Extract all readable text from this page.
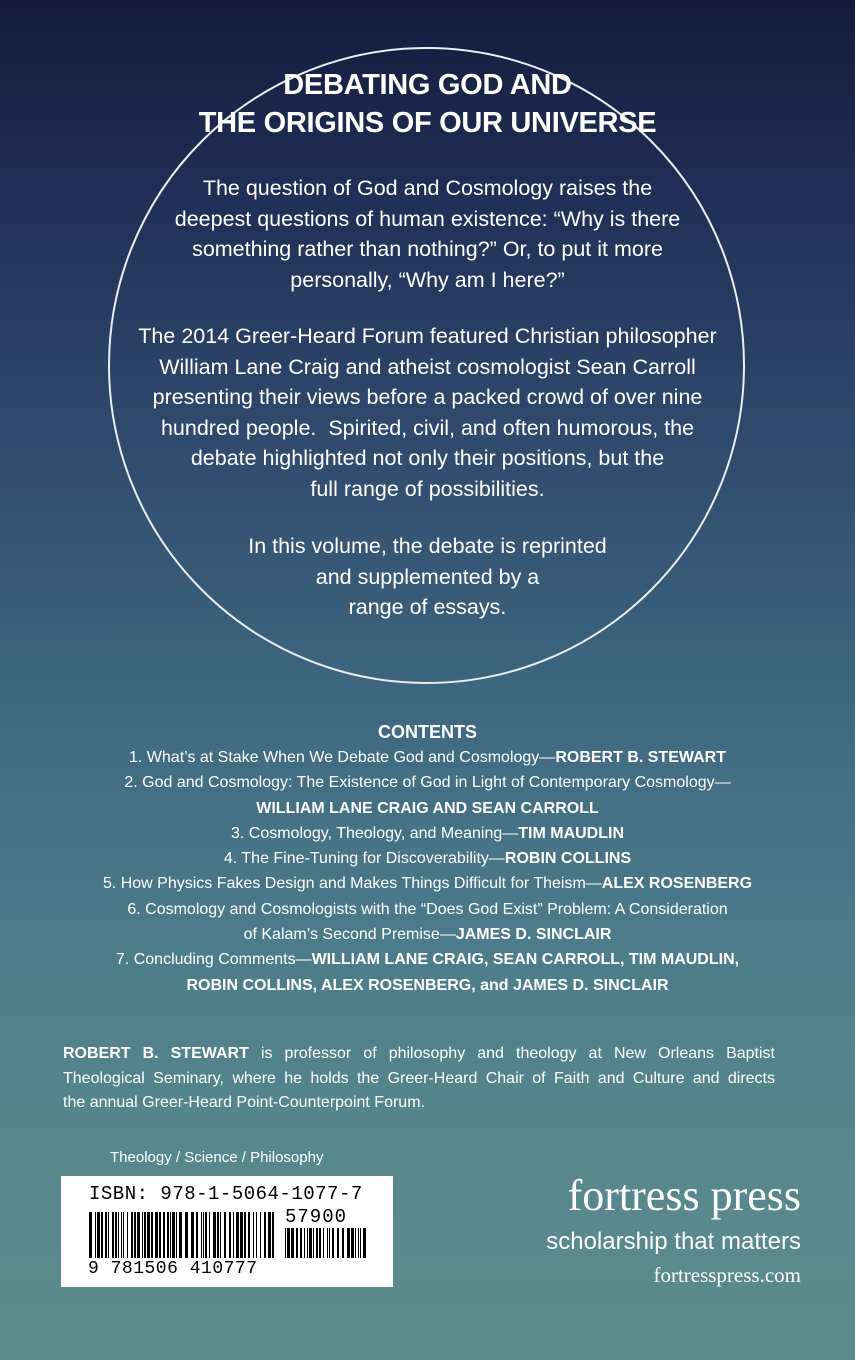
DEBATING GOD AND
THE ORIGINS OF OUR UNIVERSE
The question of God and Cosmology raises the
deepest questions of human existence: “Why is there
something rather than nothing?” Or, to put it more
personally, “Why am I here?”
The 2014 Greer-Heard Forum featured Christian philosopher
William Lane Craig and atheist cosmologist Sean Carroll
presenting their views before a packed crowd of over nine
hundred people.  Spirited, civil, and often humorous, the
debate highlighted not only their positions, but the
full range of possibilities.
In this volume, the debate is reprinted
and supplemented by a
range of essays.
CONTENTS
1. What’s at Stake When We Debate God and Cosmology—ROBERT B. STEWART
2. God and Cosmology: The Existence of God in Light of Contemporary Cosmology—
WILLIAM LANE CRAIG AND SEAN CARROLL
3. Cosmology, Theology, and Meaning—TIM MAUDLIN
4. The Fine-Tuning for Discoverability—ROBIN COLLINS
5. How Physics Fakes Design and Makes Things Difficult for Theism—ALEX ROSENBERG
6. Cosmology and Cosmologists with the “Does God Exist” Problem: A Consideration
of Kalam’s Second Premise—JAMES D. SINCLAIR
7. Concluding Comments—WILLIAM LANE CRAIG, SEAN CARROLL, TIM MAUDLIN,
ROBIN COLLINS, ALEX ROSENBERG, and JAMES D. SINCLAIR
ROBERT B. STEWART is professor of philosophy and theology at New Orleans Baptist
Theological Seminary, where he holds the Greer-Heard Chair of Faith and Culture and directs
the annual Greer-Heard Point-Counterpoint Forum.
Theology / Science / Philosophy
ISBN: 978-1-5064-1077-7
57900
9 781506 410777
fortress press
scholarship that matters
fortresspress.com
